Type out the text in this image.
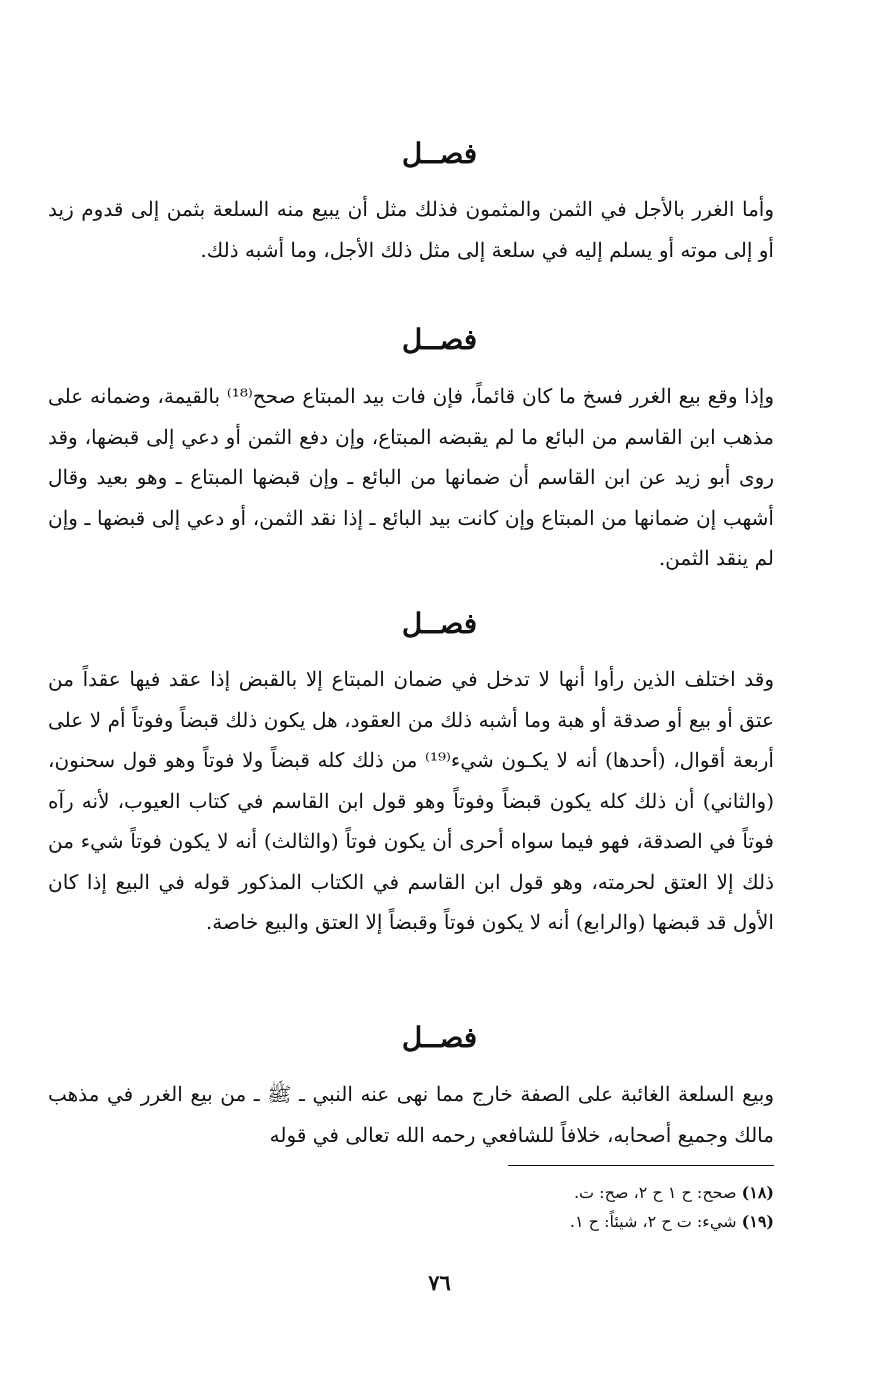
فصــل

وأما الغرر بالأجل في الثمن والمثمون فذلك مثل أن يبيع منه السلعة بثمن إلى قدوم زيد أو إلى موته أو يسلم إليه في سلعة إلى مثل ذلك الأجل، وما أشبه ذلك.

فصــل

وإذا وقع بيع الغرر فسخ ما كان قائماً، فإن فات بيد المبتاع صحح⁽¹⁸⁾ بالقيمة، وضمانه على مذهب ابن القاسم من البائع ما لم يقبضه المبتاع، وإن دفع الثمن أو دعي إلى قبضها، وقد روى أبو زيد عن ابن القاسم أن ضمانها من البائع ـ وإن قبضها المبتاع ـ وهو بعيد وقال أشهب إن ضمانها من المبتاع وإن كانت بيد البائع ـ إذا نقد الثمن، أو دعي إلى قبضها ـ وإن لم ينقد الثمن.

فصــل

وقد اختلف الذين رأوا أنها لا تدخل في ضمان المبتاع إلا بالقبض إذا عقد فيها عقداً من عتق أو بيع أو صدقة أو هبة وما أشبه ذلك من العقود، هل يكون ذلك قبضاً وفوتاً أم لا على أربعة أقوال، (أحدها) أنه لا يكـون شيء⁽¹⁹⁾ من ذلك كله قبضاً ولا فوتاً وهو قول سحنون، (والثاني) أن ذلك كله يكون قبضاً وفوتاً وهو قول ابن القاسم في كتاب العيوب، لأنه رآه فوتاً في الصدقة، فهو فيما سواه أحرى أن يكون فوتاً (والثالث) أنه لا يكون فوتاً شيء من ذلك إلا العتق لحرمته، وهو قول ابن القاسم في الكتاب المذكور قوله في البيع إذا كان الأول قد قبضها (والرابع) أنه لا يكون فوتاً وقبضاً إلا العتق والبيع خاصة.

فصــل

وبيع السلعة الغائبة على الصفة خارج مما نهى عنه النبي ـ ﷺ ـ من بيع الغرر في مذهب مالك وجميع أصحابه، خلافاً للشافعي رحمه الله تعالى في قوله

(١٨) صحح: ح ١ ح ٢، صح: ت.

(١٩) شيء: ت ح ٢، شيئاً: ح ١.

٧٦
